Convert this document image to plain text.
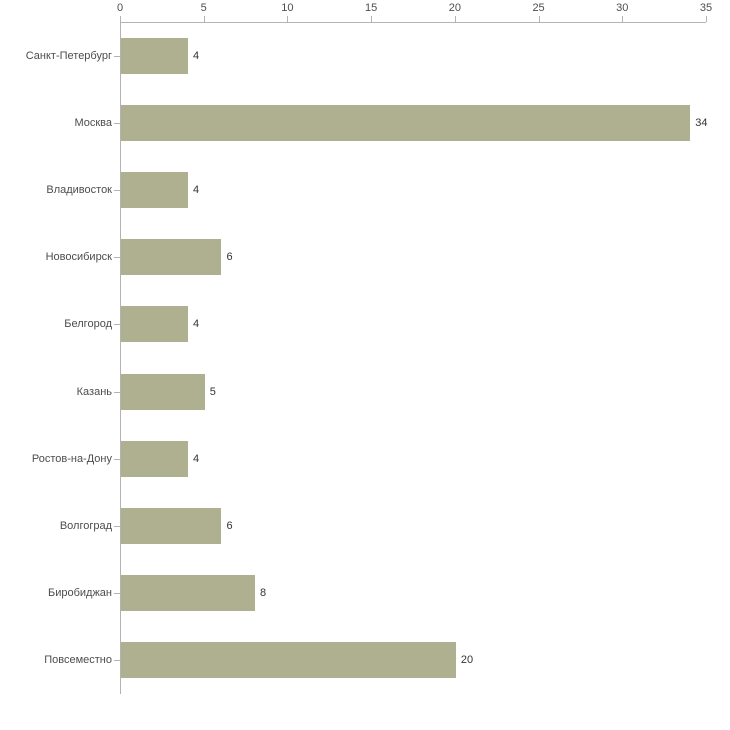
0	5	10	15	20	25	30	35
Санкт-Петербург
Москва
Владивосток
Новосибирск
Белгород
Казань
Ростов-на-Дону
Волгоград
Биробиджан
Повсеместно
4
34
4
6
4
5
4
6
8
20
